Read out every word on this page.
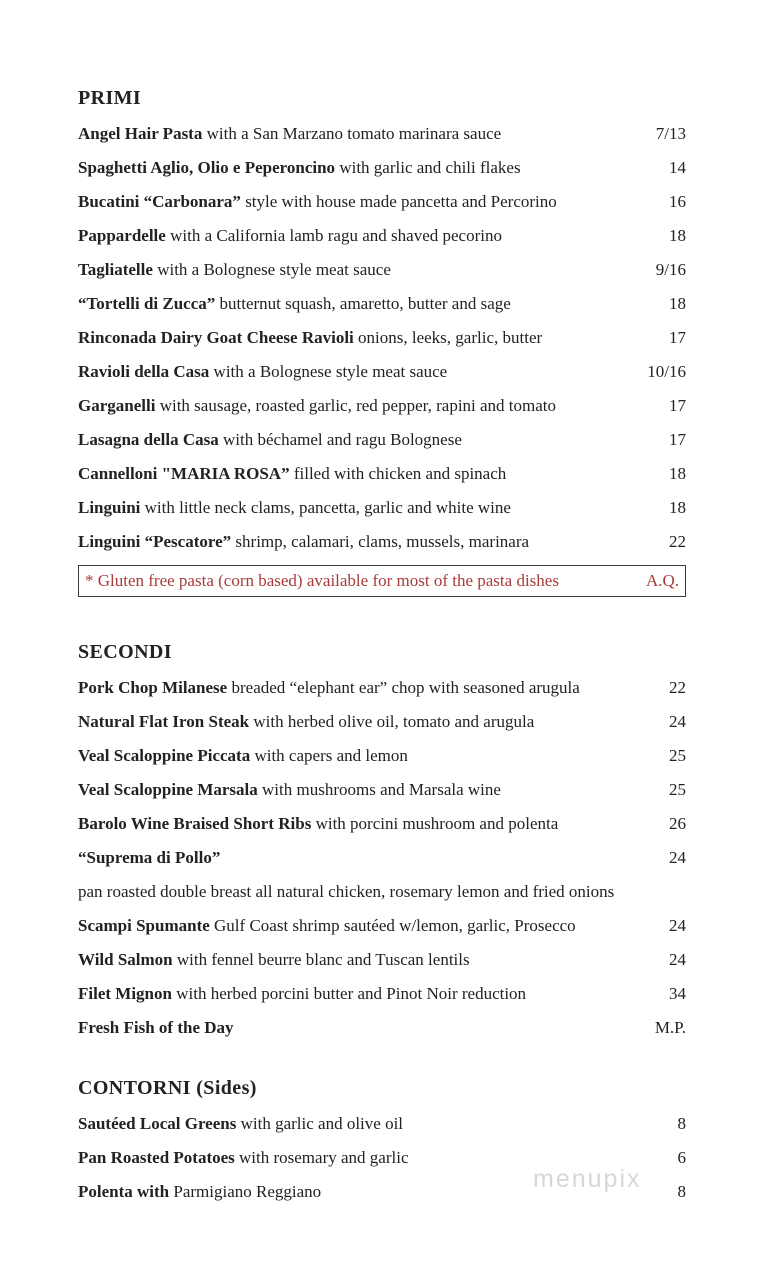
PRIMI
Angel Hair Pasta with a San Marzano tomato marinara sauce	7/13
Spaghetti Aglio, Olio e Peperoncino with garlic and chili flakes	14
Bucatini “Carbonara” style with house made pancetta and Percorino	16
Pappardelle with a California lamb ragu and shaved pecorino	18
Tagliatelle with a Bolognese style meat sauce	9/16
“Tortelli di Zucca” butternut squash, amaretto, butter and sage	18
Rinconada Dairy Goat Cheese Ravioli onions, leeks, garlic, butter	17
Ravioli della Casa with a Bolognese style meat sauce	10/16
Garganelli with sausage, roasted garlic, red pepper, rapini and tomato	17
Lasagna della Casa with béchamel and ragu Bolognese	17
Cannelloni "MARIA ROSA” filled with chicken and spinach	18
Linguini with little neck clams, pancetta, garlic and white wine	18
Linguini “Pescatore” shrimp, calamari, clams, mussels, marinara	22
* Gluten free pasta (corn based) available for most of the pasta dishes	A.Q.
SECONDI
Pork Chop Milanese breaded “elephant ear” chop with seasoned arugula	22
Natural Flat Iron Steak with herbed olive oil, tomato and arugula	24
Veal Scaloppine Piccata with capers and lemon	25
Veal Scaloppine Marsala with mushrooms and Marsala wine	25
Barolo Wine Braised Short Ribs with porcini mushroom and polenta	26
“Suprema di Pollo”	24
pan roasted double breast all natural chicken, rosemary lemon and fried onions
Scampi Spumante Gulf Coast shrimp sautéed w/lemon, garlic, Prosecco	24
Wild Salmon with fennel beurre blanc and Tuscan lentils	24
Filet Mignon with herbed porcini butter and Pinot Noir reduction	34
Fresh Fish of the Day	M.P.
CONTORNI (Sides)
Sautéed Local Greens with garlic and olive oil	8
Pan Roasted Potatoes with rosemary and garlic	6
Polenta with Parmigiano Reggiano	8
menupix
